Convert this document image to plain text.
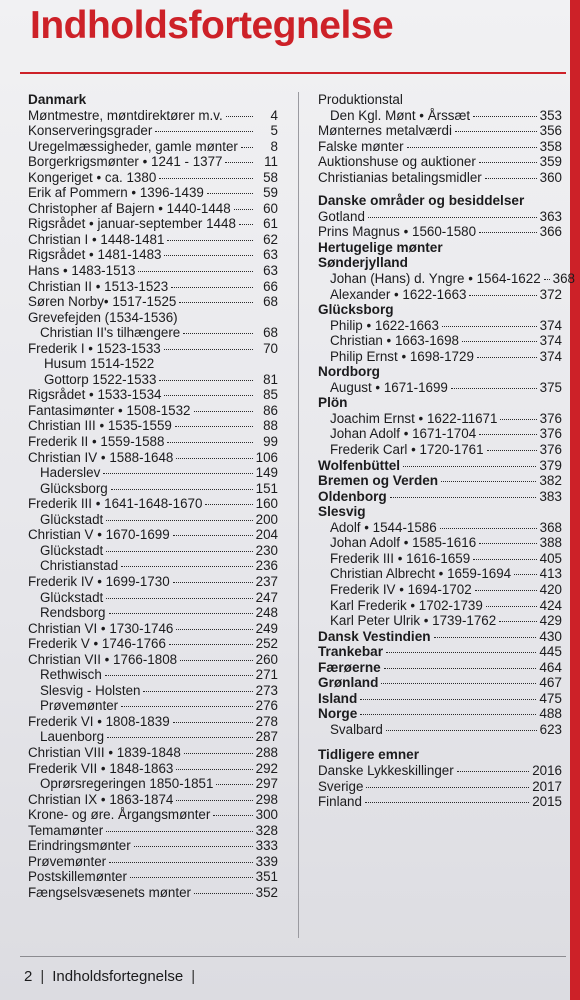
Indholdsfortegnelse
Danmark
Møntmestre, møntdirektører m.v.	4
Konserveringsgrader	5
Uregelmæssigheder, gamle mønter	8
Borgerkrigsmønter • 1241 - 1377	11
Kongeriget • ca. 1380	58
Erik af Pommern • 1396-1439	59
Christopher af Bajern • 1440-1448	60
Rigsrådet • januar-september 1448	61
Christian I • 1448-1481	62
Rigsrådet • 1481-1483	63
Hans • 1483-1513	63
Christian II • 1513-1523	66
Søren Norby• 1517-1525	68
Grevefejden (1534-1536)
Christian II's tilhængere	68
Frederik I • 1523-1533	70
Husum 1514-1522
Gottorp 1522-1533	81
Rigsrådet • 1533-1534	85
Fantasimønter • 1508-1532	86
Christian III • 1535-1559	88
Frederik II • 1559-1588	99
Christian IV • 1588-1648	106
Haderslev	149
Glücksborg	151
Frederik III • 1641-1648-1670	160
Glückstadt	200
Christian V • 1670-1699	204
Glückstadt	230
Christianstad	236
Frederik IV • 1699-1730	237
Glückstadt	247
Rendsborg	248
Christian VI • 1730-1746	249
Frederik V • 1746-1766	252
Christian VII • 1766-1808	260
Rethwisch	271
Slesvig - Holsten	273
Prøvemønter	276
Frederik VI • 1808-1839	278
Lauenborg	287
Christian VIII • 1839-1848	288
Frederik VII • 1848-1863	292
Oprørsregeringen 1850-1851	297
Christian IX • 1863-1874	298
Krone- og øre. Årgangsmønter	300
Temamønter	328
Erindringsmønter	333
Prøvemønter	339
Postskillemønter	351
Fængselsvæsenets mønter	352
Produktionstal
Den Kgl. Mønt • Årssæt	353
Mønternes metalværdi	356
Falske mønter	358
Auktionshuse og auktioner	359
Christianias betalingsmidler	360
Danske områder og besiddelser
Gotland	363
Prins Magnus • 1560-1580	366
Hertugelige mønter
Sønderjylland
Johan (Hans) d. Yngre • 1564-1622 368
Alexander • 1622-1663	372
Glücksborg
Philip • 1622-1663	374
Christian • 1663-1698	374
Philip Ernst • 1698-1729	374
Nordborg
August • 1671-1699	375
Plön
Joachim Ernst • 1622-11671	376
Johan Adolf • 1671-1704	376
Frederik Carl • 1720-1761	376
Wolfenbüttel	379
Bremen og Verden	382
Oldenborg	383
Slesvig
Adolf • 1544-1586	368
Johan Adolf • 1585-1616	388
Frederik III • 1616-1659	405
Christian Albrecht • 1659-1694 413
Frederik IV • 1694-1702	420
Karl Frederik • 1702-1739	424
Karl Peter Ulrik • 1739-1762	429
Dansk Vestindien	430
Trankebar	445
Færøerne	464
Grønland	467
Island	475
Norge	488
Svalbard	623
Tidligere emner
Danske Lykkeskillinger	2016
Sverige	2017
Finland	2015
2 | Indholdsfortegnelse |
